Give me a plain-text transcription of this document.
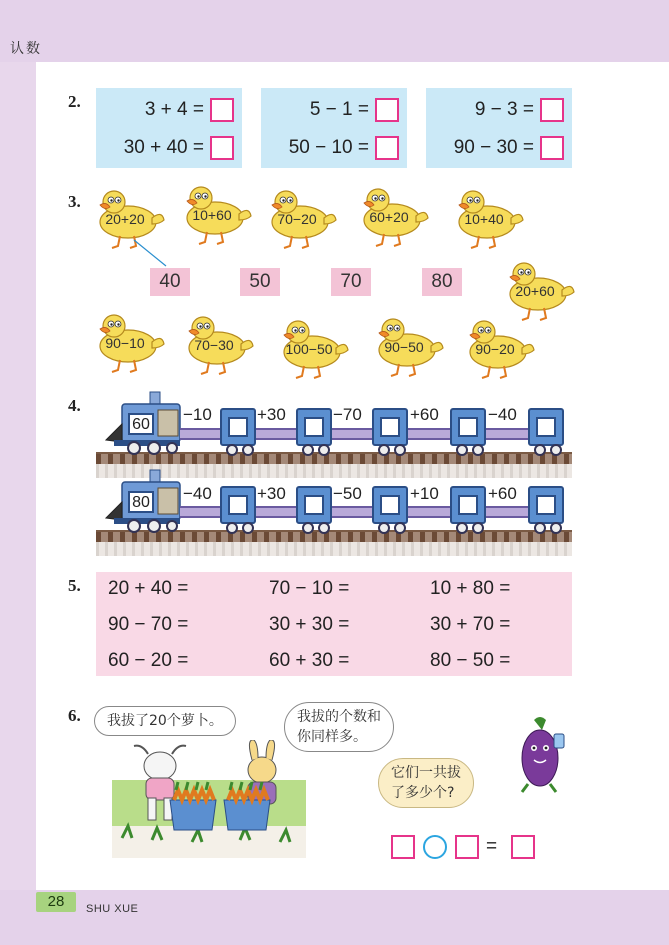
认数
28	SHU XUE
2.	3 + 4 =
30 + 40 =
5 − 1 =
50 − 10 =
9 − 3 =
90 − 30 =
3.
20+20	10+60	70−20	60+20	10+40
20+60
40	50	70	80
90−10	70−30	100−50	90−50	90−20
4.
60
−10	+30	−70	+60	−40
80 −40	+30	−50	+10	+60
5. 20 + 40 =	70 − 10 =	10 + 80 =
90 − 70 =	30 + 30 =	30 + 70 =
60 − 20 =	60 + 30 =	80 − 50 =
6.	我拔了20个萝卜。	我拔的个数和
你同样多。
它们一共拔
了多少个?
=
